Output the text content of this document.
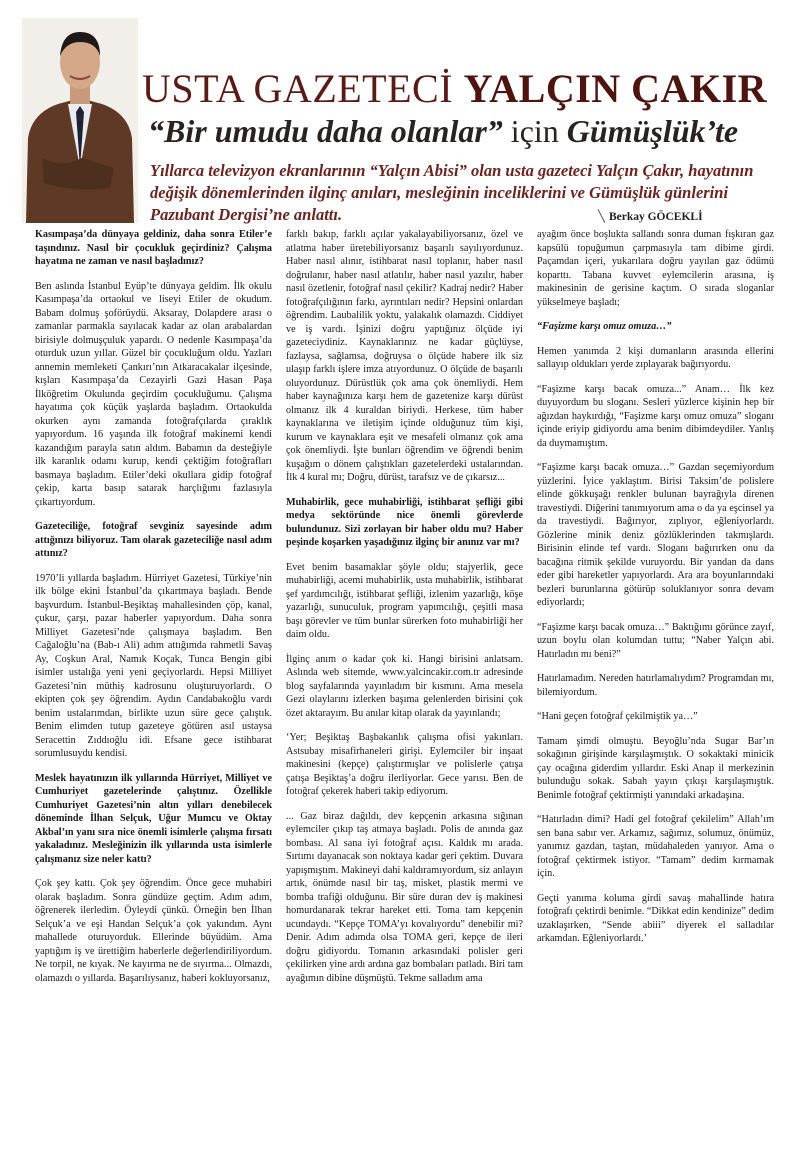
USTA GAZETECİ YALÇIN ÇAKIR
“Bir umudu daha olanlar” için Gümüşlük’te
Yıllarca televizyon ekranlarının “Yalçın Abisi” olan usta gazeteci Yalçın Çakır, hayatının değişik dönemlerinden ilginç anıları, mesleğinin inceliklerini ve Gümüşlük günlerini Pazubant Dergisi’ne anlattı.	╲ Berkay GÖCEKLİ

Kasımpaşa’da dünyaya geldiniz, daha sonra Etiler’e taşındınız. Nasıl bir çocukluk geçirdiniz? Çalışma hayatına ne zaman ve nasıl başladınız?

Ben aslında İstanbul Eyüp’te dünyaya geldim. İlk okulu Kasımpaşa’da ortaokul ve liseyi Etiler de okudum. Babam dolmuş şoförüydü. Aksaray, Dolapdere arası o zamanlar parmakla sayılacak kadar az olan arabalardan birisiyle dolmuşçuluk yapardı. O nedenle Kasımpaşa’da oturduk uzun yıllar. Güzel bir çocukluğum oldu. Yazları annemin memleketi Çankırı’nın Atkaracakalar ilçesinde, kışları Kasımpaşa’da Cezayirli Gazi Hasan Paşa İlköğretim Okulunda geçirdim çocukluğumu. Çalışma hayatıma çok küçük yaşlarda başladım. Ortaokulda okurken aynı zamanda fotoğrafçılarda çıraklık yapıyordum. 16 yaşında ilk fotoğraf makinemi kendi kazandığım parayla satın aldım. Babamın da desteğiyle ilk karanlık odamı kurup, kendi çektiğim fotoğrafları basmaya başladım. Etiler’deki okullara gidip fotoğraf çekip, karta basıp satarak harçlığımı fazlasıyla çıkartıyordum.

Gazeteciliğe, fotoğraf sevginiz sayesinde adım attığınızı biliyoruz. Tam olarak gazeteciliğe nasıl adım attınız?

1970’li yıllarda başladım. Hürriyet Gazetesi, Türkiye’nin ilk bölge ekini İstanbul’da çıkartmaya başladı. Bende başvurdum. İstanbul-Beşiktaş mahallesinden çöp, kanal, çukur, çarşı, pazar haberler yapıyordum. Daha sonra Milliyet Gazetesi’nde çalışmaya başladım. Ben Cağaloğlu’na (Bab-ı Ali) adım attığımda rahmetli Savaş Ay, Coşkun Aral, Namık Koçak, Tunca Bengin gibi isimler ustalığa yeni yeni geçiyorlardı. Hepsi Milliyet Gazetesi’nin müthiş kadrosunu oluşturuyorlardı. O ekipten çok şey öğrendim. Aydın Candabakoğlu vardı benim ustalarımdan, birlikte uzun süre gece çalıştık. Benim elimden tutup gazeteye götüren asıl ustaysa Seracettin Zıddıoğlu idi. Efsane gece istihbarat sorumlusuydu kendisi.

Meslek hayatınızın ilk yıllarında Hürriyet, Milliyet ve Cumhuriyet gazetelerinde çalıştınız. Özellikle Cumhuriyet Gazetesi’nin altın yılları denebilecek döneminde İlhan Selçuk, Uğur Mumcu ve Oktay Akbal’ın yanı sıra nice önemli isimlerle çalışma fırsatı yakaladınız. Mesleğinizin ilk yıllarında usta isimlerle çalışmanız size neler kattı?

Çok şey kattı. Çok şey öğrendim. Önce gece muhabiri olarak başladım. Sonra gündüze geçtim. Adım adım, öğrenerek ilerledim. Öyleydi çünkü. Örneğin ben İlhan Selçuk’a ve eşi Handan Selçuk’a çok yakındım. Aynı mahallede oturuyorduk. Ellerinde büyüdüm. Ama yaptığım iş ve ürettiğim haberlerle değerlendiriliyordum. Ne torpil, ne kıyak. Ne kayırma ne de sıyırma... Olmazdı, olamazdı o yıllarda. Başarılıysanız, haberi kokluyorsanız,

farklı bakıp, farklı açılar yakalayabiliyorsanız, özel ve atlatma haber üretebiliyorsanız başarılı sayılıyordunuz. Haber nasıl alınır, istihbarat nasıl toplanır, haber nasıl doğrulanır, haber nasıl atlatılır, haber nasıl yazılır, haber nasıl özetlenir, fotoğraf nasıl çekilir? Kadraj nedir? Haber fotoğrafçılığının farkı, ayrıntıları nedir? Hepsini onlardan öğrendim. Laubalilik yoktu, yalakalık olamazdı. Ciddiyet ve iş vardı. İşinizi doğru yaptığınız ölçüde iyi gazeteciydiniz. Kaynaklarınız ne kadar güçlüyse, fazlaysa, sağlamsa, doğruysa o ölçüde habere ilk siz ulaşıp farklı işlere imza atıyordunuz. O ölçüde de başarılı oluyordunuz. Dürüstlük çok ama çok önemliydi. Hem haber kaynağınıza karşı hem de gazetenize karşı dürüst olmanız ilk 4 kuraldan biriydi. Herkese, tüm haber kaynaklarına ve iletişim içinde olduğunuz tüm kişi, kurum ve kaynaklara eşit ve mesafeli olmanız çok ama çok önemliydi. İşte bunları öğrendim ve öğrendi benim kuşağım o dönem çalıştıkları gazetelerdeki ustalarından. İlk 4 kural mı; Doğru, dürüst, tarafsız ve de çıkarsız...

Muhabirlik, gece muhabirliği, istihbarat şefliği gibi medya sektöründe nice önemli görevlerde bulundunuz. Sizi zorlayan bir haber oldu mu? Haber peşinde koşarken yaşadığınız ilginç bir anınız var mı?

Evet benim basamaklar şöyle oldu; stajyerlik, gece muhabirliği, acemi muhabirlik, usta muhabirlik, istihbarat şef yardımcılığı, istihbarat şefliği, izlenim yazarlığı, köşe yazarlığı, sunuculuk, program yapımcılığı, çeşitli masa başı görevler ve tüm bunlar sürerken foto muhabirliği her daim oldu.

İlginç anım o kadar çok ki. Hangi birisini anlatsam. Aslında web sitemde, www.yalcincakir.com.tr adresinde blog sayfalarında yayınladım bir kısmını. Ama mesela Gezi olaylarını izlerken başıma gelenlerden birisini çok özet aktarayım. Bu anılar kitap olarak da yayınlandı;

‘Yer; Beşiktaş Başbakanlık çalışma ofisi yakınları. Astsubay misafirhaneleri girişi. Eylemciler bir inşaat makinesini (kepçe) çalıştırmışlar ve polislerle çatışa çatışa Beşiktaş’a doğru ilerliyorlar. Gece yarısı. Ben de fotoğraf çekerek haberi takip ediyorum.

... Gaz biraz dağıldı, dev kepçenin arkasına sığınan eylemciler çıkıp taş atmaya başladı. Polis de anında gaz bombası. Al sana iyi fotoğraf açısı. Kaldık mı arada. Sırtımı dayanacak son noktaya kadar geri çektim. Duvara yapışmıştım. Makineyi dahi kaldıramıyordum, siz anlayın artık, önümde nasıl bir taş, misket, plastik mermi ve bomba trafiği olduğunu. Bir süre duran dev iş makinesi homurdanarak tekrar hareket etti. Toma tam kepçenin ucundaydı. “Kepçe TOMA’yı kovalıyordu” denebilir mi? Denir. Adım adımda olsa TOMA geri, kepçe de ileri doğru gidiyordu. Tomanın arkasındaki polisler geri çekilirken yine ardı ardına gaz bombaları patladı. Biri tam ayağımın dibine düşmüştü. Tekme salladım ama

ayağım önce boşlukta sallandı sonra duman fışkıran gaz kapsülü topuğumun çarpmasıyla tam dibime girdi. Paçamdan içeri, yukarılara doğru yayılan gaz ödümü koparttı. Tabana kuvvet eylemcilerin arasına, iş makinesinin de gerisine kaçtım. O sırada sloganlar yükselmeye başladı;

“Faşizme karşı omuz omuza…”

Hemen yanımda 2 kişi dumanların arasında ellerini sallayıp oldukları yerde zıplayarak bağırıyordu.

“Faşizme karşı bacak omuza...” Anam… İlk kez duyuyordum bu sloganı. Sesleri yüzlerce kişinin hep bir ağızdan haykırdığı, “Faşizme karşı omuz omuza” sloganı içinde eriyip gidiyordu ama benim dibimdeydiler. Yanlış da duymamıştım.

“Faşizme karşı bacak omuza…” Gazdan seçemiyordum yüzlerini. İyice yaklaştım. Birisi Taksim’de polislere elinde gökkuşağı renkler bulunan bayrağıyla direnen travestiydi. Diğerini tanımıyorum ama o da ya eşcinsel ya da travestiydi. Bağırıyor, zıplıyor, eğleniyorlardı. Gözlerine minik deniz gözlüklerinden takmışlardı. Birisinin elinde tef vardı. Sloganı bağırırken onu da bacağına ritmik şekilde vuruyordu. Bir yandan da dans eder gibi hareketler yapıyorlardı. Ara ara boyunlarındaki bezleri burunlarına götürüp soluklanıyor sonra devam ediyorlardı;

“Faşizme karşı bacak omuza…” Baktığımı görünce zayıf, uzun boylu olan kolumdan tuttu; “Naber Yalçın abi. Hatırladın mı beni?”

Hatırlamadım. Nereden hatırlamalıydım? Programdan mı, bilemiyordum.

“Hani geçen fotoğraf çekilmiştik ya…”

Tamam şimdi olmuştu. Beyoğlu’nda Sugar Bar’ın sokağının girişinde karşılaşmıştık. O sokaktaki minicik çay ocağına giderdim yıllardır. Eski Anap il merkezinin bulunduğu sokak. Sabah yayın çıkışı karşılaşmıştık. Benimle fotoğraf çektirmişti yanındaki arkadaşına.

“Hatırladın dimi? Hadi gel fotoğraf çekilelim” Allah’ım sen bana sabır ver. Arkamız, sağımız, solumuz, önümüz, yanımız gazdan, taştan, müdahaleden yanıyor. Ama o fotoğraf çektirmek istiyor. “Tamam” dedim kırmamak için.

Geçti yanıma koluma girdi savaş mahallinde hatıra fotoğrafı çektirdi benimle. “Dikkat edin kendinize” dedim uzaklaşırken, “Sende abiii” diyerek el salladılar arkamdan. Eğleniyorlardı.’
